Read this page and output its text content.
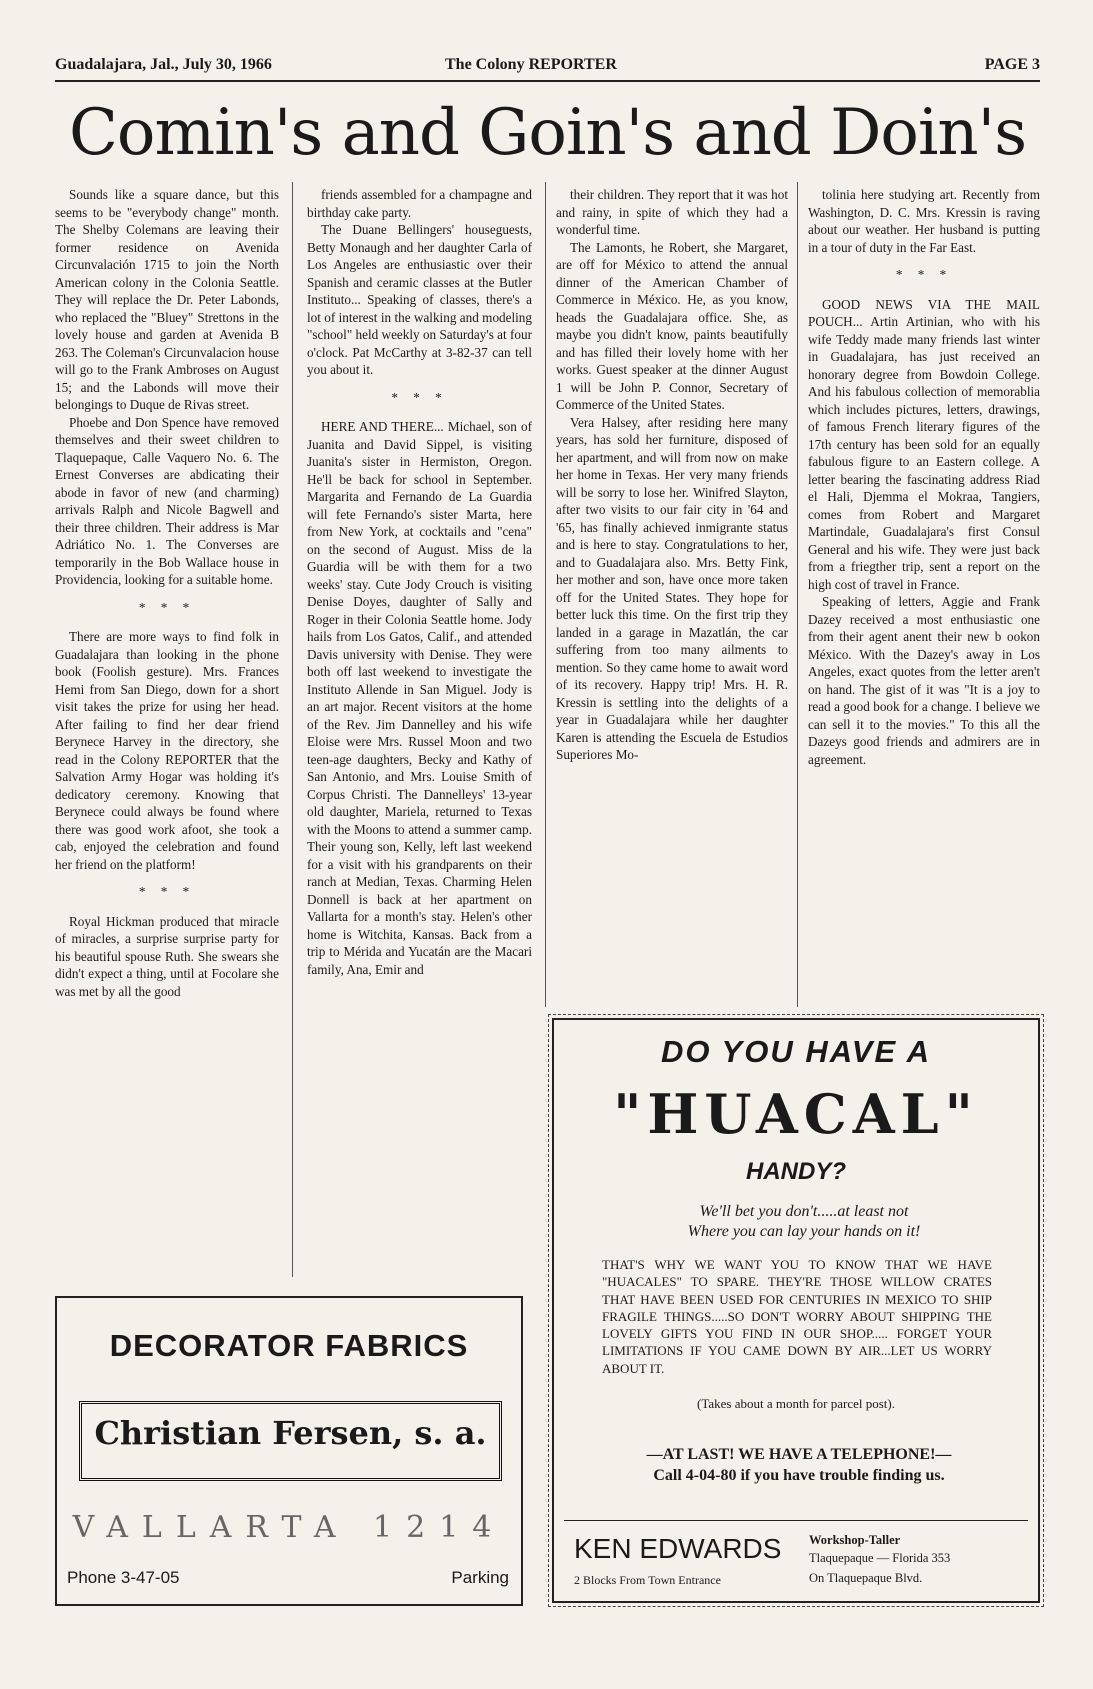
Guadalajara, Jal., July 30, 1966	The Colony REPORTER	PAGE 3
Comin's and Goin's and Doin's

Sounds like a square dance, but this seems to be "everybody change" month. The Shelby Colemans are leaving their former residence on Avenida Circunvalación 1715 to join the North American colony in the Colonia Seattle. They will replace the Dr. Peter Labonds, who replaced the "Bluey" Strettons in the lovely house and garden at Avenida B 263. The Coleman's Circunvalacion house will go to the Frank Ambroses on August 15; and the Labonds will move their belongings to Duque de Rivas street.

Phoebe and Don Spence have removed themselves and their sweet children to Tlaquepaque, Calle Vaquero No. 6. The Ernest Converses are abdicating their abode in favor of new (and charming) arrivals Ralph and Nicole Bagwell and their three children. Their address is Mar Adriático No. 1. The Converses are temporarily in the Bob Wallace house in Providencia, looking for a suitable home.

* * *

There are more ways to find folk in Guadalajara than looking in the phone book (Foolish gesture). Mrs. Frances Hemi from San Diego, down for a short visit takes the prize for using her head. After failing to find her dear friend Berynece Harvey in the directory, she read in the Colony REPORTER that the Salvation Army Hogar was holding it's dedicatory ceremony. Knowing that Berynece could always be found where there was good work afoot, she took a cab, enjoyed the celebration and found her friend on the platform!

* * *

Royal Hickman produced that miracle of miracles, a surprise surprise party for his beautiful spouse Ruth. She swears she didn't expect a thing, until at Focolare she was met by all the good

friends assembled for a champagne and birthday cake party.

The Duane Bellingers' houseguests, Betty Monaugh and her daughter Carla of Los Angeles are enthusiastic over their Spanish and ceramic classes at the Butler Instituto... Speaking of classes, there's a lot of interest in the walking and modeling "school" held weekly on Saturday's at four o'clock. Pat McCarthy at 3-82-37 can tell you about it.

* * *

HERE AND THERE... Michael, son of Juanita and David Sippel, is visiting Juanita's sister in Hermiston, Oregon. He'll be back for school in September. Margarita and Fernando de La Guardia will fete Fernando's sister Marta, here from New York, at cocktails and "cena" on the second of August. Miss de la Guardia will be with them for a two weeks' stay. Cute Jody Crouch is visiting Denise Doyes, daughter of Sally and Roger in their Colonia Seattle home. Jody hails from Los Gatos, Calif., and attended Davis university with Denise. They were both off last weekend to investigate the Instituto Allende in San Miguel. Jody is an art major. Recent visitors at the home of the Rev. Jim Dannelley and his wife Eloise were Mrs. Russel Moon and two teen-age daughters, Becky and Kathy of San Antonio, and Mrs. Louise Smith of Corpus Christi. The Dannelleys' 13-year old daughter, Mariela, returned to Texas with the Moons to attend a summer camp. Their young son, Kelly, left last weekend for a visit with his grandparents on their ranch at Median, Texas. Charming Helen Donnell is back at her apartment on Vallarta for a month's stay. Helen's other home is Witchita, Kansas. Back from a trip to Mérida and Yucatán are the Macari family, Ana, Emir and

their children. They report that it was hot and rainy, in spite of which they had a wonderful time.

The Lamonts, he Robert, she Margaret, are off for México to attend the annual dinner of the American Chamber of Commerce in México. He, as you know, heads the Guadalajara office. She, as maybe you didn't know, paints beautifully and has filled their lovely home with her works. Guest speaker at the dinner August 1 will be John P. Connor, Secretary of Commerce of the United States.

Vera Halsey, after residing here many years, has sold her furniture, disposed of her apartment, and will from now on make her home in Texas. Her very many friends will be sorry to lose her. Winifred Slayton, after two visits to our fair city in '64 and '65, has finally achieved inmigrante status and is here to stay. Congratulations to her, and to Guadalajara also. Mrs. Betty Fink, her mother and son, have once more taken off for the United States. They hope for better luck this time. On the first trip they landed in a garage in Mazatlán, the car suffering from too many ailments to mention. So they came home to await word of its recovery. Happy trip! Mrs. H. R. Kressin is settling into the delights of a year in Guadalajara while her daughter Karen is attending the Escuela de Estudios Superiores Mo-

tolinia here studying art. Recently from Washington, D. C. Mrs. Kressin is raving about our weather. Her husband is putting in a tour of duty in the Far East.

* * *

GOOD NEWS VIA THE MAIL POUCH... Artin Artinian, who with his wife Teddy made many friends last winter in Guadalajara, has just received an honorary degree from Bowdoin College. And his fabulous collection of memorablia which includes pictures, letters, drawings, of famous French literary figures of the 17th century has been sold for an equally fabulous figure to an Eastern college. A letter bearing the fascinating address Riad el Hali, Djemma el Mokraa, Tangiers, comes from Robert and Margaret Martindale, Guadalajara's first Consul General and his wife. They were just back from a friegther trip, sent a report on the high cost of travel in France.

Speaking of letters, Aggie and Frank Dazey received a most enthusiastic one from their agent anent their new b ookon México. With the Dazey's away in Los Angeles, exact quotes from the letter aren't on hand. The gist of it was "It is a joy to read a good book for a change. I believe we can sell it to the movies." To this all the Dazeys good friends and admirers are in agreement.

DECORATOR FABRICS
Christian Fersen, s. a.
VALLARTA 1214
Phone 3-47-05	Parking
DO YOU HAVE A
"HUACAL"
HANDY?
We'll bet you don't.....at least not
Where you can lay your hands on it!
THAT'S WHY WE WANT YOU TO KNOW THAT WE HAVE "HUACALES" TO SPARE. THEY'RE THOSE WILLOW CRATES THAT HAVE BEEN USED FOR CENTURIES IN MEXICO TO SHIP FRAGILE THINGS.....SO DON'T WORRY ABOUT SHIPPING THE LOVELY GIFTS YOU FIND IN OUR SHOP..... FORGET YOUR LIMITATIONS IF YOU CAME DOWN BY AIR...LET US WORRY ABOUT IT.
(Takes about a month for parcel post).
—AT LAST! WE HAVE A TELEPHONE!—
Call 4-04-80 if you have trouble finding us.
KEN EDWARDS
2 Blocks From Town Entrance
Workshop-Taller
Tlaquepaque — Florida 353
On Tlaquepaque Blvd.
